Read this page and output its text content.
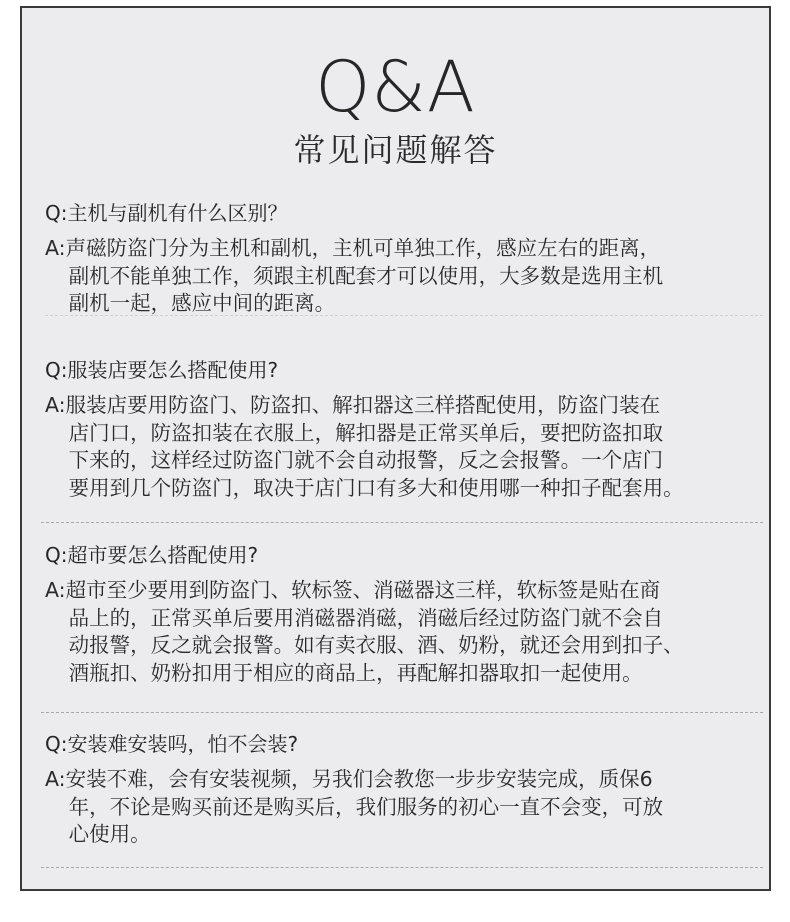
Q&A
常见问题解答
Q:主机与副机有什么区别？
A: 声磁防盗门分为主机和副机，主机可单独工作，感应左右的距离，
副机不能单独工作，须跟主机配套才可以使用，大多数是选用主机
副机一起，感应中间的距离。
Q:服装店要怎么搭配使用?
A: 服装店要用防盗门、防盗扣、解扣器这三样搭配使用，防盗门装在
店门口，防盗扣装在衣服上，解扣器是正常买单后，要把防盗扣取
下来的，这样经过防盗门就不会自动报警，反之会报警。一个店门
要用到几个防盗门，取决于店门口有多大和使用哪一种扣子配套用。
Q:超市要怎么搭配使用?
A: 超市至少要用到防盗门、软标签、消磁器这三样，软标签是贴在商
品上的，正常买单后要用消磁器消磁，消磁后经过防盗门就不会自
动报警，反之就会报警。如有卖衣服、酒、奶粉，就还会用到扣子、
酒瓶扣、奶粉扣用于相应的商品上，再配解扣器取扣一起使用。
Q:安装难安装吗，怕不会装?
A: 安装不难，会有安装视频，另我们会教您一步步安装完成，质保6
年，不论是购买前还是购买后，我们服务的初心一直不会变，可放
心使用。
